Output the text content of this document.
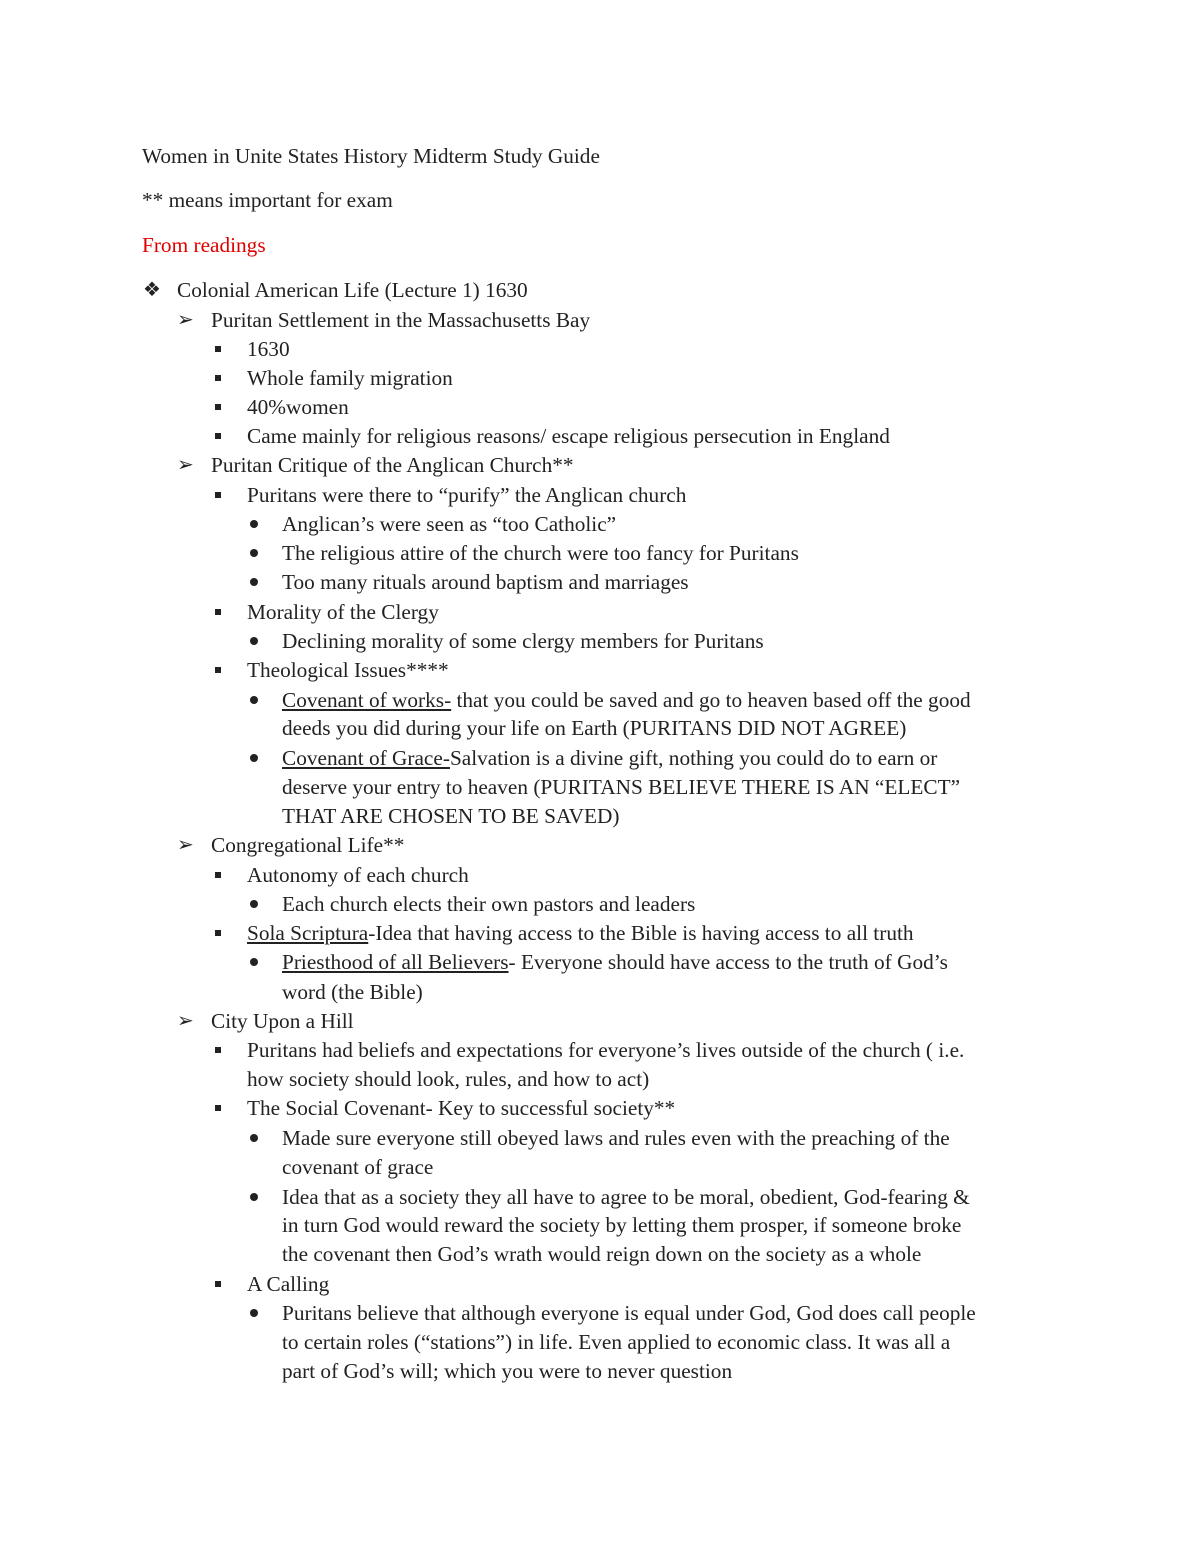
Women in Unite States History Midterm Study Guide
** means important for exam
From readings
❖ Colonial American Life (Lecture 1) 1630
➢ Puritan Settlement in the Massachusetts Bay
1630
Whole family migration
40%women
Came mainly for religious reasons/ escape religious persecution in England
➢ Puritan Critique of the Anglican Church**
Puritans were there to “purify” the Anglican church
Anglican’s were seen as “too Catholic”
The religious attire of the church were too fancy for Puritans
Too many rituals around baptism and marriages
Morality of the Clergy
Declining morality of some clergy members for Puritans
Theological Issues****
Covenant of works- that you could be saved and go to heaven based off the good
deeds you did during your life on Earth (PURITANS DID NOT AGREE)
Covenant of Grace-Salvation is a divine gift, nothing you could do to earn or
deserve your entry to heaven (PURITANS BELIEVE THERE IS AN “ELECT”
THAT ARE CHOSEN TO BE SAVED)
➢ Congregational Life**
Autonomy of each church
Each church elects their own pastors and leaders
Sola Scriptura-Idea that having access to the Bible is having access to all truth
Priesthood of all Believers- Everyone should have access to the truth of God’s
word (the Bible)
➢ City Upon a Hill
Puritans had beliefs and expectations for everyone’s lives outside of the church ( i.e.
how society should look, rules, and how to act)
The Social Covenant- Key to successful society**
Made sure everyone still obeyed laws and rules even with the preaching of the
covenant of grace
Idea that as a society they all have to agree to be moral, obedient, God-fearing &
in turn God would reward the society by letting them prosper, if someone broke
the covenant then God’s wrath would reign down on the society as a whole
A Calling
Puritans believe that although everyone is equal under God, God does call people
to certain roles (“stations”) in life. Even applied to economic class. It was all a
part of God’s will; which you were to never question
